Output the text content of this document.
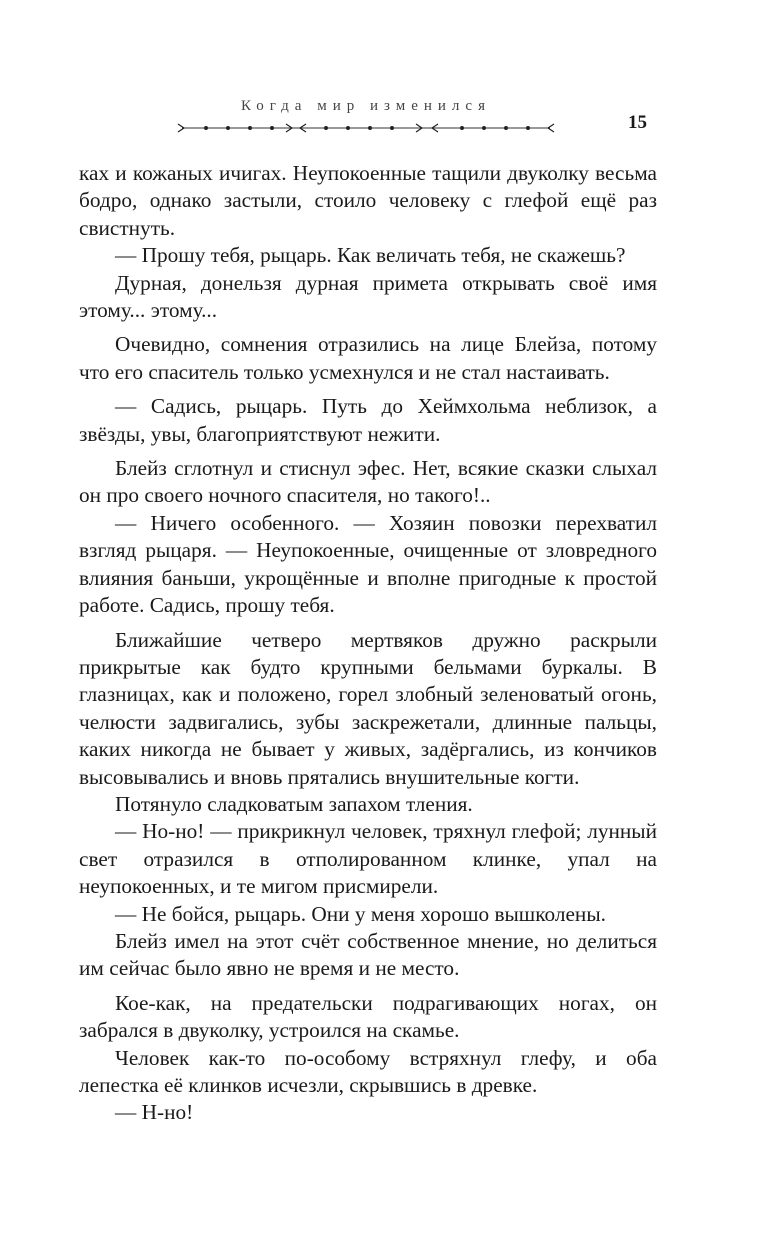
Когда мир изменился
15

ках и кожаных ичигах. Неупокоенные тащили двуколку весьма бодро, однако застыли, стоило человеку с глефой ещё раз свистнуть.

— Прошу тебя, рыцарь. Как величать тебя, не скажешь?

Дурная, донельзя дурная примета открывать своё имя этому... этому...

Очевидно, сомнения отразились на лице Блейза, потому что его спаситель только усмехнулся и не стал настаивать.

— Садись, рыцарь. Путь до Хеймхольма неблизок, а звёзды, увы, благоприятствуют нежити.

Блейз сглотнул и стиснул эфес. Нет, всякие сказки слыхал он про своего ночного спасителя, но такого!..

— Ничего особенного. — Хозяин повозки перехватил взгляд рыцаря. — Неупокоенные, очищенные от зловредного влияния баньши, укрощённые и вполне пригодные к простой работе. Садись, прошу тебя.

Ближайшие четверо мертвяков дружно раскрыли прикрытые как будто крупными бельмами буркалы. В глазницах, как и положено, горел злобный зеленоватый огонь, челюсти задвигались, зубы заскрежетали, длинные пальцы, каких никогда не бывает у живых, задёргались, из кончиков высовывались и вновь прятались внушительные когти.

Потянуло сладковатым запахом тления.

— Но-но! — прикрикнул человек, тряхнул глефой; лунный свет отразился в отполированном клинке, упал на неупокоенных, и те мигом присмирели.

— Не бойся, рыцарь. Они у меня хорошо вышколены.

Блейз имел на этот счёт собственное мнение, но делиться им сейчас было явно не время и не место.

Кое-как, на предательски подрагивающих ногах, он забрался в двуколку, устроился на скамье.

Человек как-то по-особому встряхнул глефу, и оба лепестка её клинков исчезли, скрывшись в древке.

— Н-но!
